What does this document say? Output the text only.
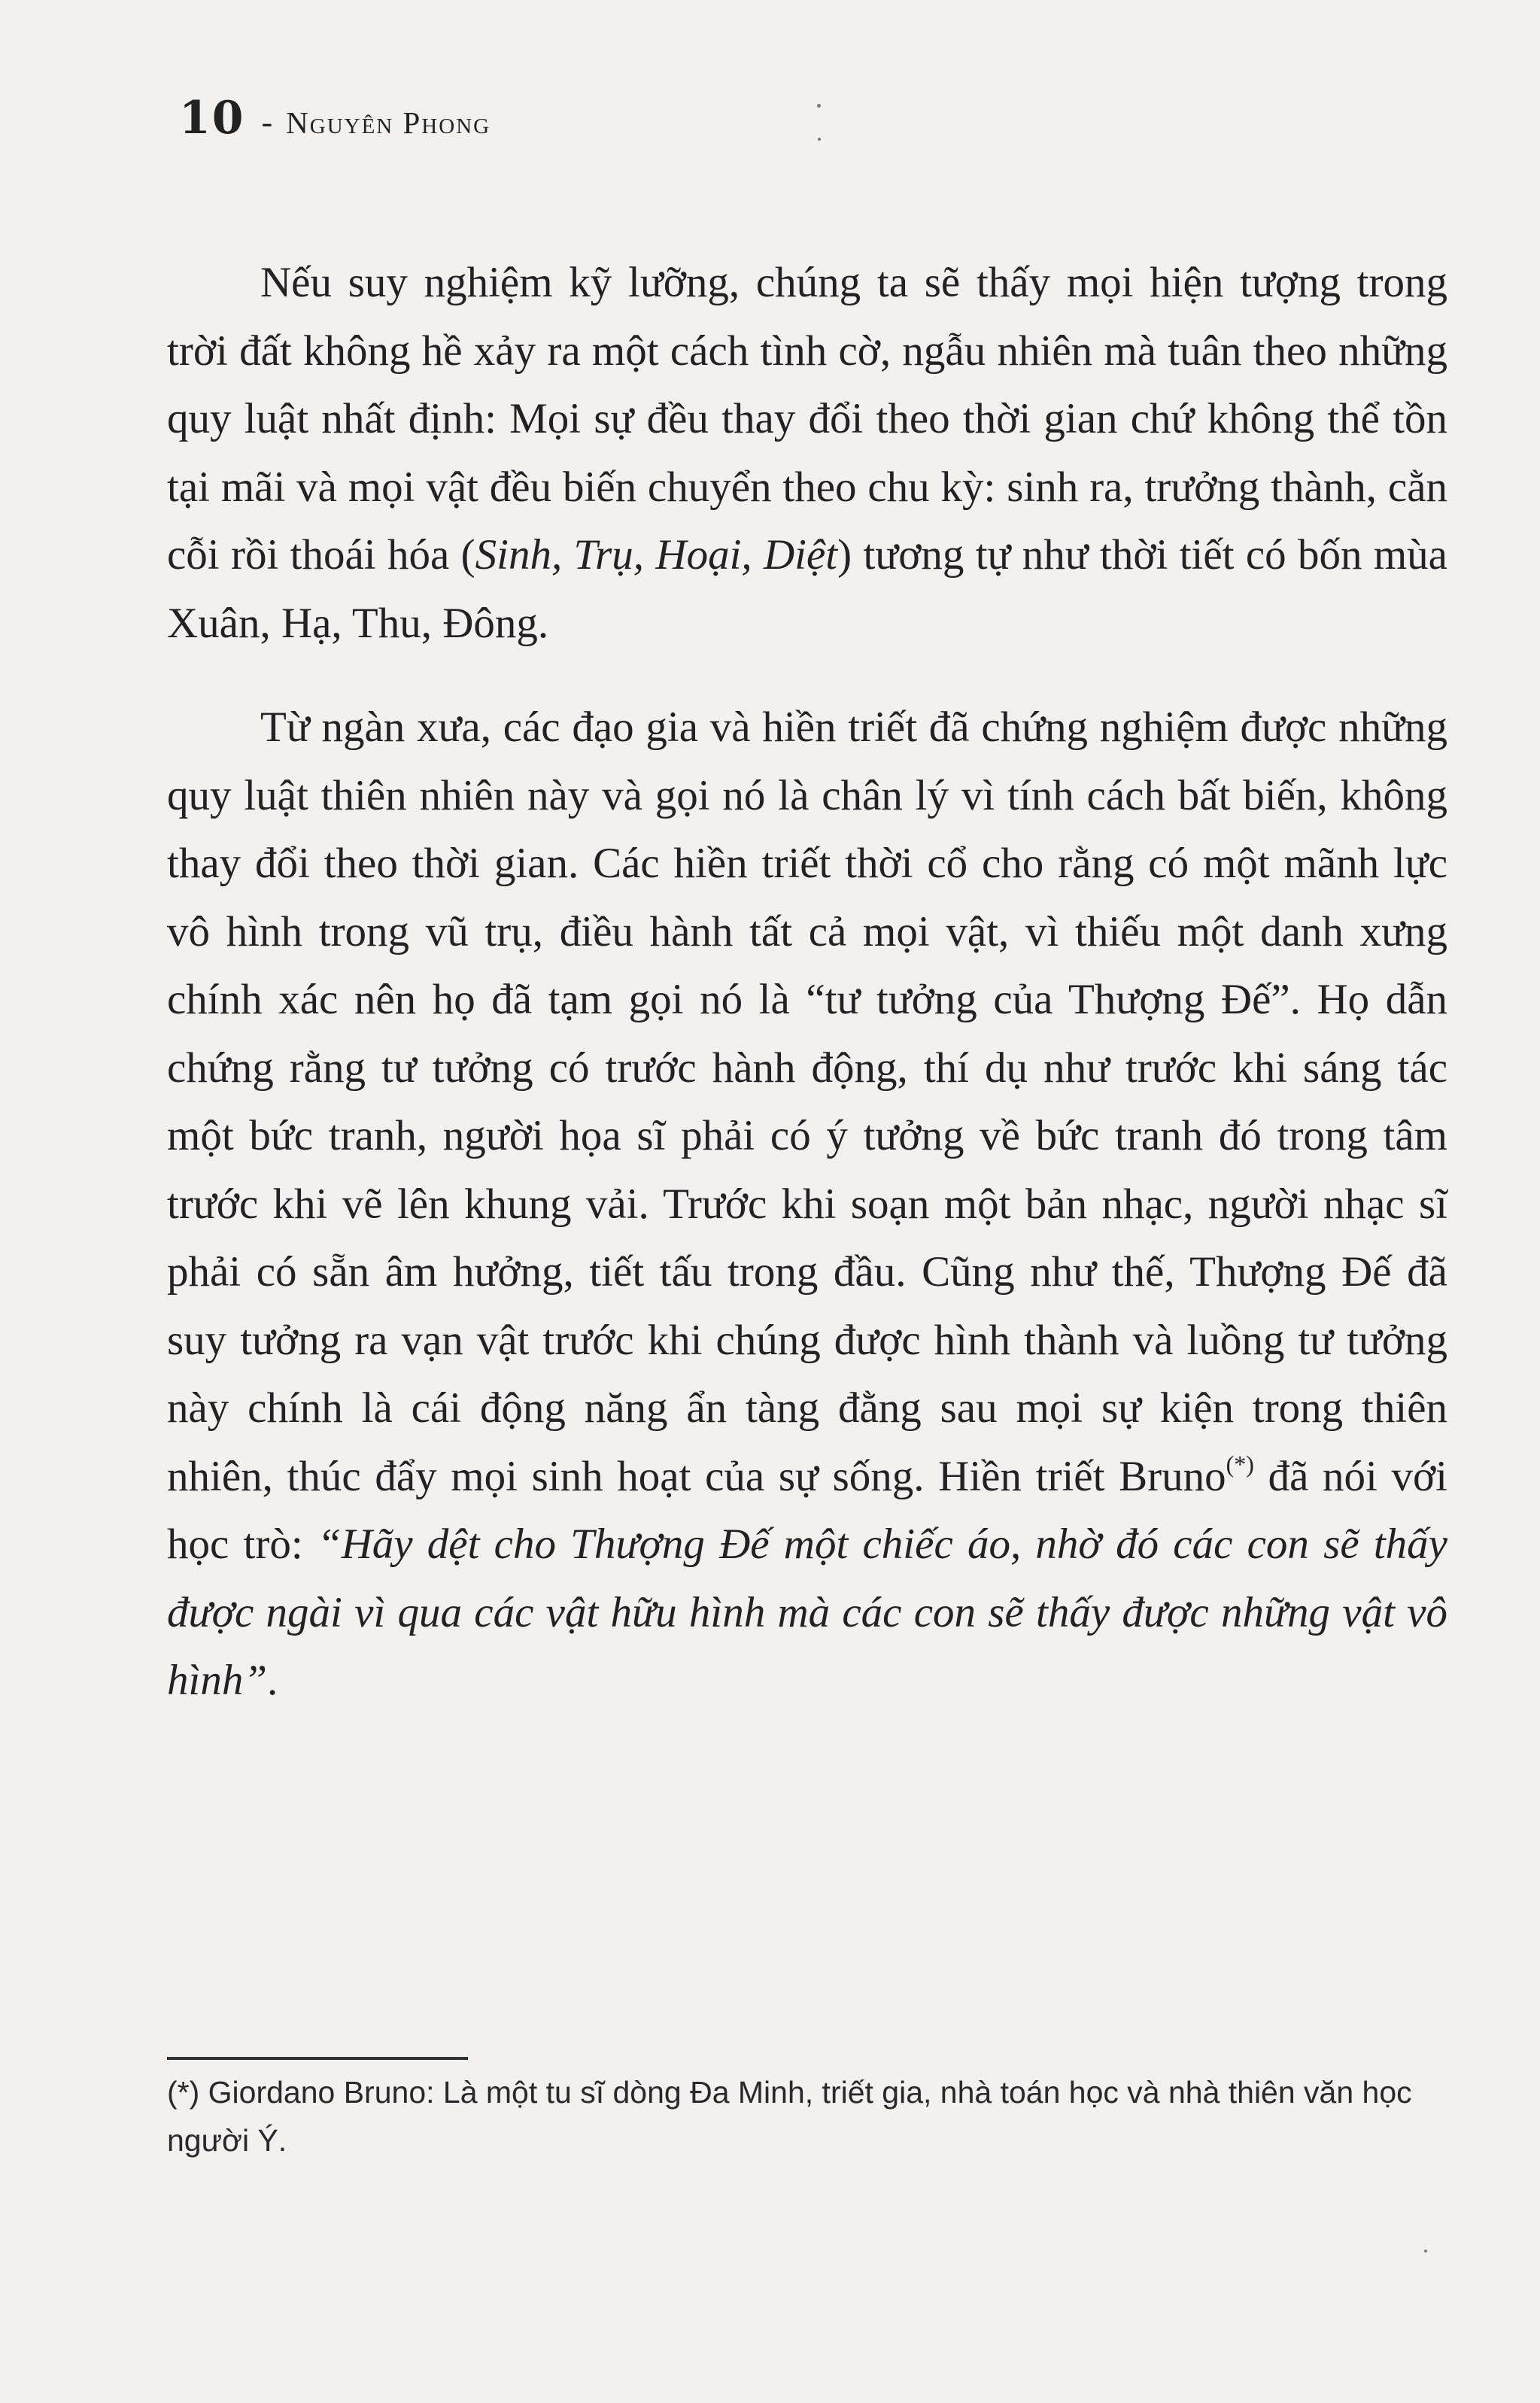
10 - Nguyên Phong

Nếu suy nghiệm kỹ lưỡng, chúng ta sẽ thấy mọi hiện tượng trong trời đất không hề xảy ra một cách tình cờ, ngẫu nhiên mà tuân theo những quy luật nhất định: Mọi sự đều thay đổi theo thời gian chứ không thể tồn tại mãi và mọi vật đều biến chuyển theo chu kỳ: sinh ra, trưởng thành, cằn cỗi rồi thoái hóa (Sinh, Trụ, Hoại, Diệt) tương tự như thời tiết có bốn mùa Xuân, Hạ, Thu, Đông.

Từ ngàn xưa, các đạo gia và hiền triết đã chứng nghiệm được những quy luật thiên nhiên này và gọi nó là chân lý vì tính cách bất biến, không thay đổi theo thời gian. Các hiền triết thời cổ cho rằng có một mãnh lực vô hình trong vũ trụ, điều hành tất cả mọi vật, vì thiếu một danh xưng chính xác nên họ đã tạm gọi nó là “tư tưởng của Thượng Đế”. Họ dẫn chứng rằng tư tưởng có trước hành động, thí dụ như trước khi sáng tác một bức tranh, người họa sĩ phải có ý tưởng về bức tranh đó trong tâm trước khi vẽ lên khung vải. Trước khi soạn một bản nhạc, người nhạc sĩ phải có sẵn âm hưởng, tiết tấu trong đầu. Cũng như thế, Thượng Đế đã suy tưởng ra vạn vật trước khi chúng được hình thành và luồng tư tưởng này chính là cái động năng ẩn tàng đằng sau mọi sự kiện trong thiên nhiên, thúc đẩy mọi sinh hoạt của sự sống. Hiền triết Bruno(*) đã nói với học trò: “Hãy dệt cho Thượng Đế một chiếc áo, nhờ đó các con sẽ thấy được ngài vì qua các vật hữu hình mà các con sẽ thấy được những vật vô hình”.

(*) Giordano Bruno: Là một tu sĩ dòng Đa Minh, triết gia, nhà toán học và nhà thiên văn học người Ý.
